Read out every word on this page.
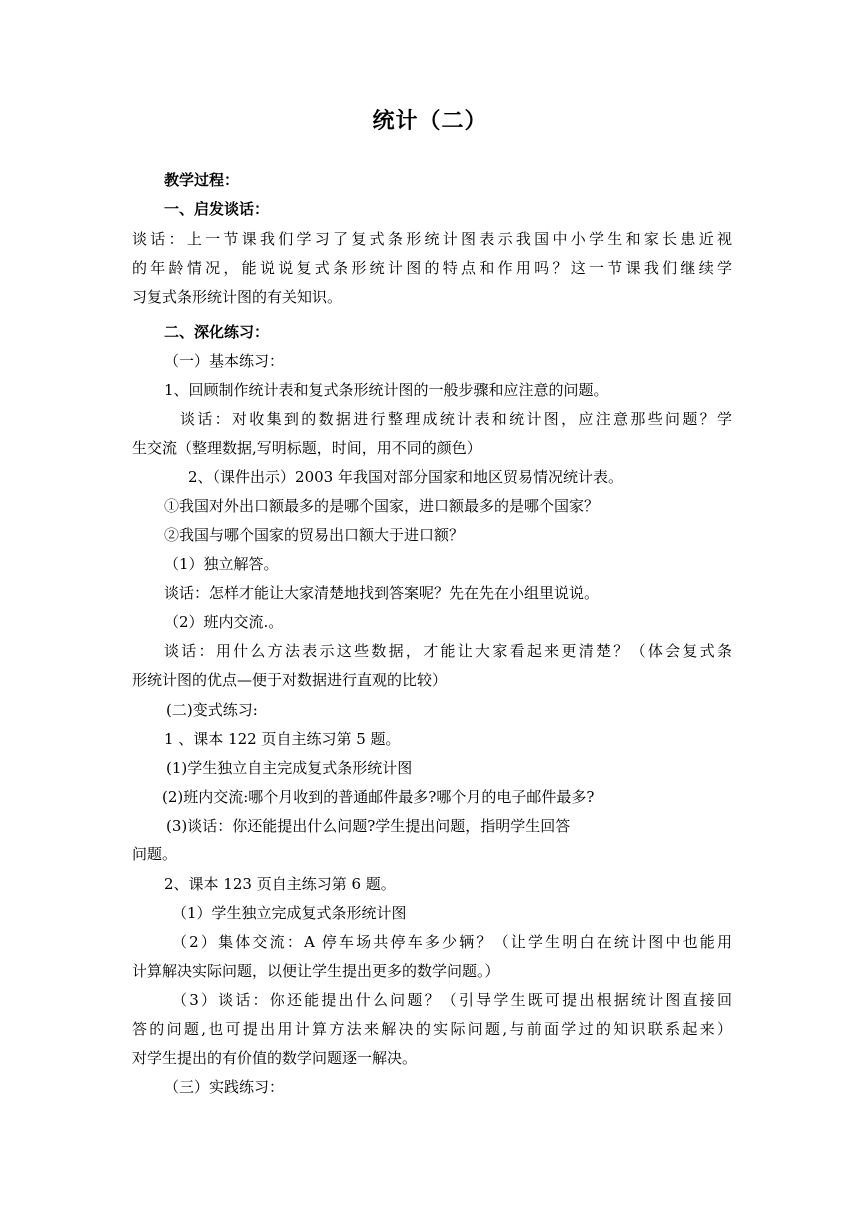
统计（二）
教学过程：
一、启发谈话：
谈话：上一节课我们学习了复式条形统计图表示我国中小学生和家长患近视
的年龄情况，能说说复式条形统计图的特点和作用吗？这一节课我们继续学
习复式条形统计图的有关知识。
二、深化练习：
（一）基本练习：
1、回顾制作统计表和复式条形统计图的一般步骤和应注意的问题。
谈话：对收集到的数据进行整理成统计表和统计图，应注意那些问题？学
生交流（整理数据,写明标题，时间，用不同的颜色）
2、（课件出示）2003 年我国对部分国家和地区贸易情况统计表。
①我国对外出口额最多的是哪个国家，进口额最多的是哪个国家？
②我国与哪个国家的贸易出口额大于进口额？
（1）独立解答。
谈话：怎样才能让大家清楚地找到答案呢？先在先在小组里说说。
（2）班内交流.。
谈话：用什么方法表示这些数据，才能让大家看起来更清楚？（体会复式条
形统计图的优点—便于对数据进行直观的比较）
(二)变式练习:
1 、课本 122 页自主练习第 5 题。
(1)学生独立自主完成复式条形统计图
(2)班内交流:哪个月收到的普通邮件最多?哪个月的电子邮件最多?
(3)谈话：你还能提出什么问题?学生提出问题，指明学生回答
问题。
2、课本 123 页自主练习第 6 题。
（1）学生独立完成复式条形统计图
（2）集体交流：A 停车场共停车多少辆？（让学生明白在统计图中也能用
计算解决实际问题，以便让学生提出更多的数学问题。）
（3）谈话：你还能提出什么问题？（引导学生既可提出根据统计图直接回
答的问题,也可提出用计算方法来解决的实际问题,与前面学过的知识联系起来）
对学生提出的有价值的数学问题逐一解决。
（三）实践练习：
